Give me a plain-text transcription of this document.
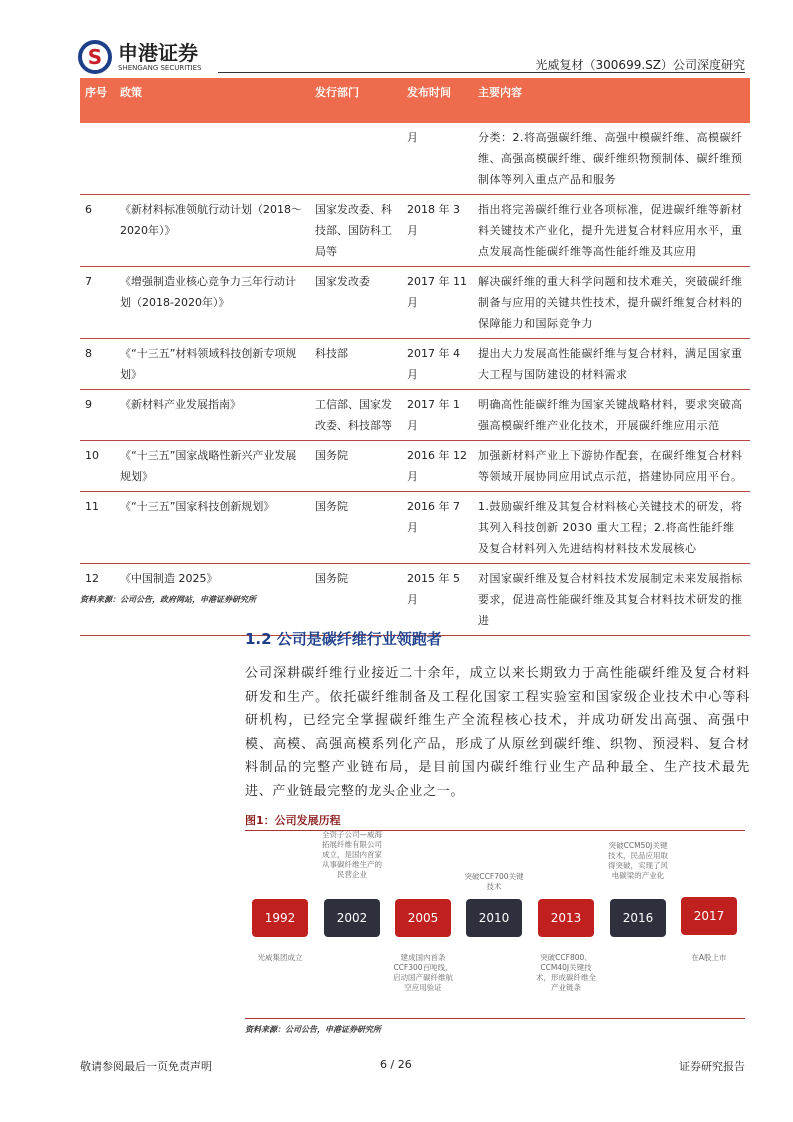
S 申港证券
SHENGANG SECURITIES	光威复材（300699.SZ）公司深度研究
序号	政策	发行部门	发布时间	主要内容
			月	分类：2.将高强碳纤维、高强中模碳纤维、高模碳纤维、高强高模碳纤维、碳纤维织物预制体、碳纤维预制体等列入重点产品和服务
6	《新材料标准领航行动计划（2018～2020年）》	国家发改委、科技部、国防科工局等	2018 年 3 月	指出将完善碳纤维行业各项标准，促进碳纤维等新材料关键技术产业化，提升先进复合材料应用水平，重点发展高性能碳纤维等高性能纤维及其应用
7	《增强制造业核心竞争力三年行动计划（2018-2020年）》	国家发改委	2017 年 11 月	解决碳纤维的重大科学问题和技术难关，突破碳纤维制备与应用的关键共性技术，提升碳纤维复合材料的保障能力和国际竞争力
8	《“十三五”材料领域科技创新专项规划》	科技部	2017 年 4 月	提出大力发展高性能碳纤维与复合材料，满足国家重大工程与国防建设的材料需求
9	《新材料产业发展指南》	工信部、国家发改委、科技部等	2017 年 1 月	明确高性能碳纤维为国家关键战略材料，要求突破高强高模碳纤维产业化技术，开展碳纤维应用示范
10	《“十三五”国家战略性新兴产业发展规划》	国务院	2016 年 12 月	加强新材料产业上下游协作配套，在碳纤维复合材料等领域开展协同应用试点示范，搭建协同应用平台。
11	《“十三五”国家科技创新规划》	国务院	2016 年 7 月	1.鼓励碳纤维及其复合材料核心关键技术的研发，将其列入科技创新 2030 重大工程；2.将高性能纤维及复合材料列入先进结构材料技术发展核心
12	《中国制造 2025》	国务院	2015 年 5 月	对国家碳纤维及复合材料技术发展制定未来发展指标要求，促进高性能碳纤维及其复合材料技术研发的推进
资料来源：公司公告，政府网站，申港证券研究所
1.2 公司是碳纤维行业领跑者
公司深耕碳纤维行业接近二十余年，成立以来长期致力于高性能碳纤维及复合材料研发和生产。依托碳纤维制备及工程化国家工程实验室和国家级企业技术中心等科研机构，已经完全掌握碳纤维生产全流程核心技术，并成功研发出高强、高强中模、高模、高强高模系列化产品，形成了从原丝到碳纤维、织物、预浸料、复合材料制品的完整产业链布局，是目前国内碳纤维行业生产品种最全、生产技术最先进、产业链最完整的龙头企业之一。
图1：公司发展历程
1992
光威集团成立
2002
全资子公司—威海拓展纤维有限公司成立，是国内首家从事碳纤维生产的民营企业
2005
建成国内首条CCF300百吨线，启动国产碳纤维航空应用验证
2010
突破CCF700关键技术
2013
突破CCF800、CCM40J关键技术，形成碳纤维全产业链条
2016
突破CCM50J关键技术，民品应用取得突破，实现了风电碳梁的产业化
2017
在A股上市
资料来源：公司公告，申港证券研究所
敬请参阅最后一页免责声明	6 / 26	证券研究报告
